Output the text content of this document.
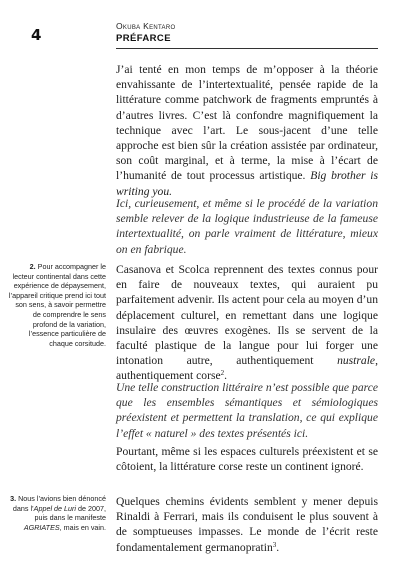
4	Okuba Kentaro
PRÉFARCE

J’ai tenté en mon temps de m’opposer à la théorie envahissante de l’intertextualité, pensée rapide de la littérature comme patchwork de fragments empruntés à d’autres livres. C’est là confondre magnifiquement la technique avec l’art. Le sous-jacent d’une telle approche est bien sûr la création assistée par ordinateur, son coût marginal, et à terme, la mise à l’écart de l’humanité de tout processus artistique. Big brother is writing you.

Ici, curieusement, et même si le procédé de la variation semble relever de la logique industrieuse de la fameuse intertextualité, on parle vraiment de littérature, mieux on en fabrique.

Casanova et Scolca reprennent des textes connus pour en faire de nouveaux textes, qui auraient pu parfaitement advenir. Ils actent pour cela au moyen d’un déplacement culturel, en remettant dans une logique insulaire des œuvres exogènes. Ils se servent de la faculté plastique de la langue pour lui forger une intonation autre, authentiquement nustrale, authentiquement corse$^2$.

Une telle construction littéraire n’est possible que parce que les ensembles sémantiques et sémiologiques préexistent et permettent la translation, ce qui explique l’effet « naturel » des textes présentés ici.

Pourtant, même si les espaces culturels préexistent et se côtoient, la littérature corse reste un continent ignoré.

Quelques chemins évidents semblent y mener depuis Rinaldi à Ferrari, mais ils conduisent le plus souvent à de somptueuses impasses. Le monde de l’écrit reste fondamentalement germanopratin$^3$.

2. Pour accompagner le lecteur continental dans cette expérience de dépaysement, l’appareil critique prend ici tout son sens, à savoir permettre de comprendre le sens profond de la variation, l’essence particulière de chaque corsitude.

3. Nous l’avions bien dénoncé dans l’Appel de Luri de 2007, puis dans le manifeste AGRIATES, mais en vain.
